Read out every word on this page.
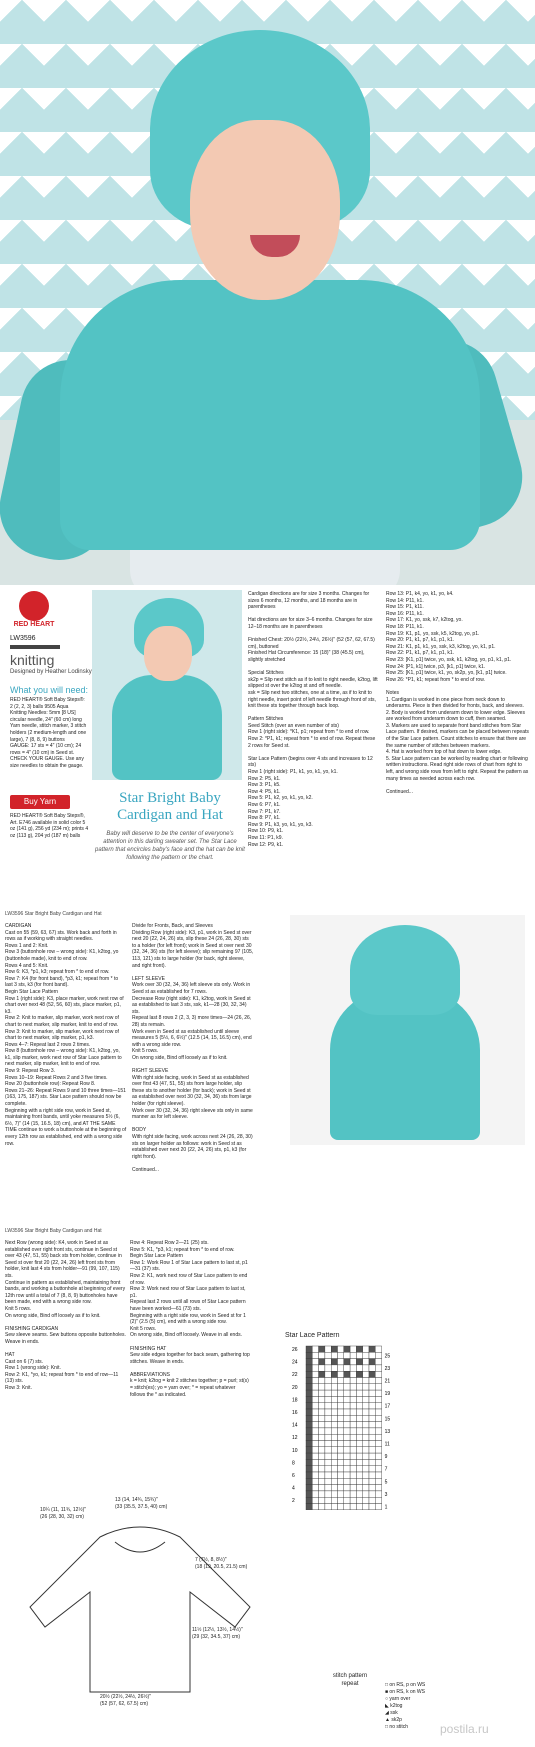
RED HEART
LW3596
knitting
Designed by Heather Lodinsky
What you will need:
RED HEART® Soft Baby Steps®: 2 (2, 2, 3) balls 9505 Aqua
Knitting Needles: 5mm [8 US] circular needle, 24" (60 cm) long
Yarn needle, stitch marker, 3 stitch holders (2 medium-length and one large), 7 (8, 8, 9) buttons
GAUGE: 17 sts = 4" (10 cm); 24 rows = 4" (10 cm) in Seed st. CHECK YOUR GAUGE. Use any size needles to obtain the gauge.
Buy Yarn
RED HEART® Soft Baby Steps®, Art. E746 available in solid color 5 oz (141 g), 256 yd (234 m); prints 4 oz (113 g), 204 yd (187 m) balls
Star Bright Baby Cardigan and Hat
Baby will deserve to be the center of everyone's attention in this darling sweater set. The Star Lace pattern that encircles baby's face and the hat can be knit following the pattern or the chart.
Cardigan directions are for size 3 months. Changes for sizes 6 months, 12 months, and 18 months are in parentheses

Hat directions are for size 3–6 months. Changes for size 12–18 months are in parentheses

Finished Chest: 20½ (22½, 24½, 26½)" (52 (57, 62, 67.5) cm), buttoned
Finished Hat Circumference: 15 (18)" (38 (45.5) cm), slightly stretched

Special Stitches
sk2p = Slip next stitch as if to knit to right needle, k2tog, lift slipped st over the k2tog st and off needle.
ssk = Slip next two stitches, one at a time, as if to knit to right needle, insert point of left needle through front of sts, knit these sts together through back loop.

Pattern Stitches
Seed Stitch (over an even number of sts)
Row 1 (right side): *K1, p1; repeat from * to end of row.
Row 2: *P1, k1; repeat from * to end of row. Repeat these 2 rows for Seed st.

Star Lace Pattern (begins over 4 sts and increases to 12 sts)
Row 1 (right side): P1, k1, yo, k1, yo, k1.
Row 2: P5, k1.
Row 3: P1, k5.
Row 4: P5, k1.
Row 5: P1, k2, yo, k1, yo, k2.
Row 6: P7, k1.
Row 7: P1, k7.
Row 8: P7, k1.
Row 9: P1, k3, yo, k1, yo, k3.
Row 10: P9, k1.
Row 11: P1, k9.
Row 12: P9, k1.
Row 13: P1, k4, yo, k1, yo, k4.
Row 14: P11, k1.
Row 15: P1, k11.
Row 16: P11, k1.
Row 17: K1, yo, ssk, k7, k2tog, yo.
Row 18: P11, k1.
Row 19: K1, p1, yo, ssk, k5, k2tog, yo, p1.
Row 20: P1, k1, p7, k1, p1, k1.
Row 21: K1, p1, k1, yo, ssk, k3, k2tog, yo, k1, p1.
Row 22: P1, k1, p7, k1, p1, k1.
Row 23: [K1, p1] twice, yo, ssk, k1, k2tog, yo, p1, k1, p1.
Row 24: [P1, k1] twice, p3, [k1, p1] twice, k1.
Row 25: [K1, p1] twice, k1, yo, sk2p, yo, [k1, p1] twice.
Row 26: *P1, k1; repeat from * to end of row.

Notes
1. Cardigan is worked in one piece from neck down to underarms. Piece is then divided for fronts, back, and sleeves.
2. Body is worked from underarm down to lower edge. Sleeves are worked from underarm down to cuff, then seamed.
3. Markers are used to separate front band stitches from Star Lace pattern. If desired, markers can be placed between repeats of the Star Lace pattern. Count stitches to ensure that there are the same number of stitches between markers.
4. Hat is worked from top of hat down to lower edge.
5. Star Lace pattern can be worked by reading chart or following written instructions. Read right side rows of chart from right to left, and wrong side rows from left to right. Repeat the pattern as many times as needed across each row.

Continued...
LW3596 Star Bright Baby Cardigan and Hat
CARDIGAN
Cast on 55 (59, 63, 67) sts. Work back and forth in rows as if working with straight needles.
Rows 1 and 2: Knit.
Row 3 (buttonhole row – wrong side): K1, k2tog, yo (buttonhole made), knit to end of row.
Rows 4 and 5: Knit.
Row 6: K3, *p1, k3; repeat from * to end of row.
Row 7: K4 (for front band), *p3, k1; repeat from * to last 3 sts, k3 (for front band).
Begin Star Lace Pattern
Row 1 (right side): K3, place marker, work next row of chart over next 48 (52, 56, 60) sts, place marker, p1, k3.
Row 2: Knit to marker, slip marker, work next row of chart to next marker, slip marker, knit to end of row.
Row 3: Knit to marker, slip marker, work next row of chart to next marker, slip marker, p1, k3.
Rows 4–7: Repeat last 2 rows 2 times.
Row 8 (buttonhole row – wrong side): K1, k2tog, yo, k1, slip marker, work next row of Star Lace pattern to next marker, slip marker, knit to end of row.
Row 9: Repeat Row 3.
Rows 10–19: Repeat Rows 2 and 3 five times.
Row 20 (buttonhole row): Repeat Row 8.
Rows 21–26: Repeat Rows 9 and 10 three times—151 (163, 175, 187) sts. Star Lace pattern should now be complete.
Beginning with a right side row, work in Seed st, maintaining front bands, until yoke measures 5½ (6, 6½, 7)" (14 (15, 16.5, 18) cm), and AT THE SAME TIME continue to work a buttonhole at the beginning of every 12th row as established, end with a wrong side row.
Divide for Fronts, Back, and Sleeves
Dividing Row (right side): K3, p1, work in Seed st over next 20 (22, 24, 26) sts, slip these 24 (26, 28, 30) sts to a holder (for left front); work in Seed st over next 30 (32, 34, 36) sts (for left sleeve); slip remaining 97 (105, 113, 121) sts to large holder (for back, right sleeve, and right front).

LEFT SLEEVE
Work over 30 (32, 34, 36) left sleeve sts only. Work in Seed st as established for 7 rows.
Decrease Row (right side): K1, k2tog, work in Seed st as established to last 3 sts, ssk, k1—28 (30, 32, 34) sts.
Repeat last 8 rows 2 (2, 3, 3) more times—24 (26, 26, 28) sts remain.
Work even in Seed st as established until sleeve measures 5 (5½, 6, 6½)" (12.5 (14, 15, 16.5) cm), end with a wrong side row.
Knit 5 rows.
On wrong side, Bind off loosely as if to knit.

RIGHT SLEEVE
With right side facing, work in Seed st as established over first 43 (47, 51, 55) sts from large holder, slip these sts to another holder (for back); work in Seed st as established over next 30 (32, 34, 36) sts from large holder (for right sleeve).
Work over 30 (32, 34, 36) right sleeve sts only in same manner as for left sleeve.

BODY
With right side facing, work across next 24 (26, 28, 30) sts on larger holder as follows: work in Seed st as established over next 20 (22, 24, 26) sts, p1, k3 (for right front).

Continued...
LW3596 Star Bright Baby Cardigan and Hat
Next Row (wrong side): K4, work in Seed st as established over right front sts, continue in Seed st over 43 (47, 51, 55) back sts from holder, continue in Seed st over first 20 (22, 24, 26) left front sts from holder, knit last 4 sts from holder—91 (99, 107, 115) sts.
Continue in pattern as established, maintaining front bands, and working a buttonhole at beginning of every 12th row until a total of 7 (8, 8, 9) buttonholes have been made, end with a wrong side row.
Knit 5 rows.
On wrong side, Bind off loosely as if to knit.

FINISHING CARDIGAN
Sew sleeve seams. Sew buttons opposite buttonholes. Weave in ends.

HAT
Cast on 6 (7) sts.
Row 1 (wrong side): Knit.
Row 2: K1, *yo, k1; repeat from * to end of row—11 (13) sts.
Row 3: Knit.
Row 4: Repeat Row 2—21 (25) sts.
Row 5: K1, *p3, k1; repeat from * to end of row.
Begin Star Lace Pattern
Row 1: Work Row 1 of Star Lace pattern to last st, p1—31 (37) sts.
Row 2: K1, work next row of Star Lace pattern to end of row.
Row 3: Work next row of Star Lace pattern to last st, p1.
Repeat last 2 rows until all rows of Star Lace pattern have been worked—61 (73) sts.
Beginning with a right side row, work in Seed st for 1 (2)" (2.5 (5) cm), end with a wrong side row.
Knit 5 rows.
On wrong side, Bind off loosely. Weave in all ends.

FINISHING HAT
Sew side edges together for back seam, gathering top stitches. Weave in ends.

ABBREVIATIONS
k = knit; k2tog = knit 2 stitches together; p = purl; st(s) = stitch(es); yo = yarn over; * = repeat whatever follows the * as indicated.
13 (14, 14¾, 15¾)"
(33 (35.5, 37.5, 40) cm)
10¼ (11, 11¾, 12½)"
(26 (28, 30, 32) cm)
7 (7½, 8, 8½)"
(18 (19, 20.5, 21.5) cm)
11½ (12½, 13½, 14½)"
(29 (32, 34.5, 37) cm)
20½ (22½, 24½, 26½)"
(52 (57, 62, 67.5) cm)
Star Lace Pattern
26
24
22
20
18
16
14
12
10
8
6
4
2
25
23
21
19
17
15
13
11
9
7
5
3
1
stitch pattern
repeat	□ on RS, p on WS
■ on RS, k on WS
○ yarn over
◣ k2tog
◢ ssk
▲ sk2p
□ no stitch	postila.ru
